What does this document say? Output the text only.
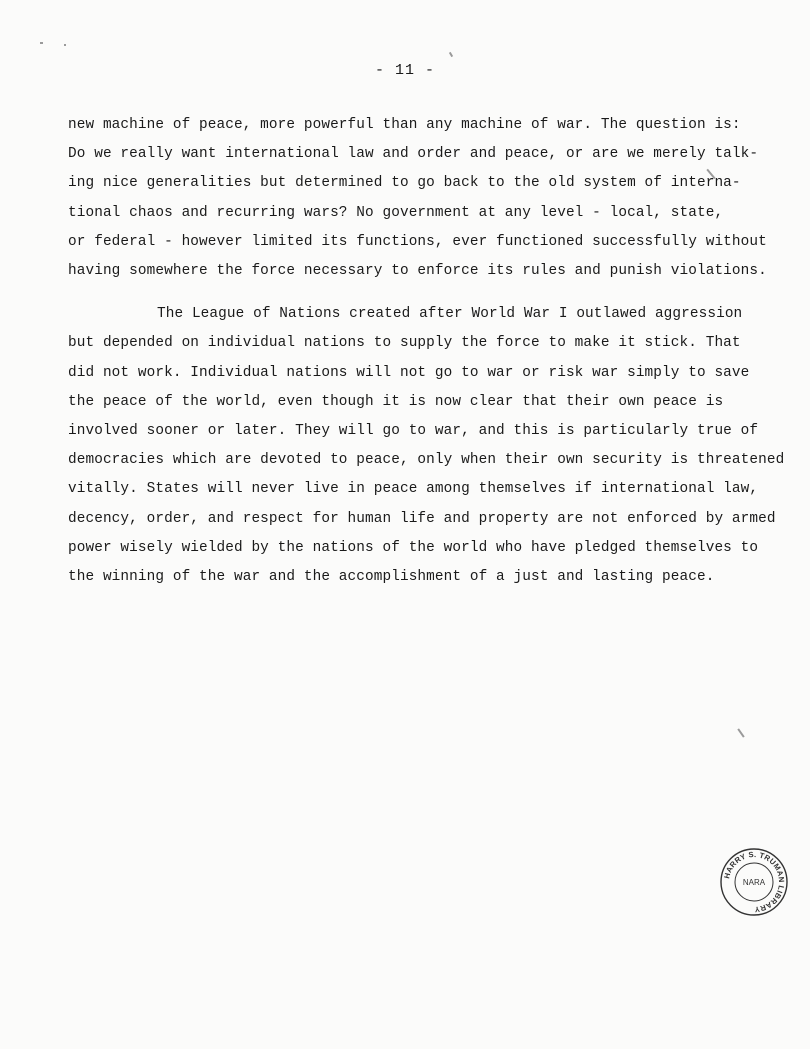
- 11 -
new machine of peace, more powerful than any machine of war. The question is:
Do we really want international law and order and peace, or are we merely talk-
ing nice generalities but determined to go back to the old system of interna-
tional chaos and recurring wars? No government at any level - local, state,
or federal - however limited its functions, ever functioned successfully without
having somewhere the force necessary to enforce its rules and punish violations.
The League of Nations created after World War I outlawed aggression
but depended on individual nations to supply the force to make it stick. That
did not work. Individual nations will not go to war or risk war simply to save
the peace of the world, even though it is now clear that their own peace is
involved sooner or later. They will go to war, and this is particularly true of
democracies which are devoted to peace, only when their own security is threatened
vitally. States will never live in peace among themselves if international law,
decency, order, and respect for human life and property are not enforced by armed
power wisely wielded by the nations of the world who have pledged themselves to
the winning of the war and the accomplishment of a just and lasting peace.
HARRY S. TRUMAN LIBRARY
NARA
